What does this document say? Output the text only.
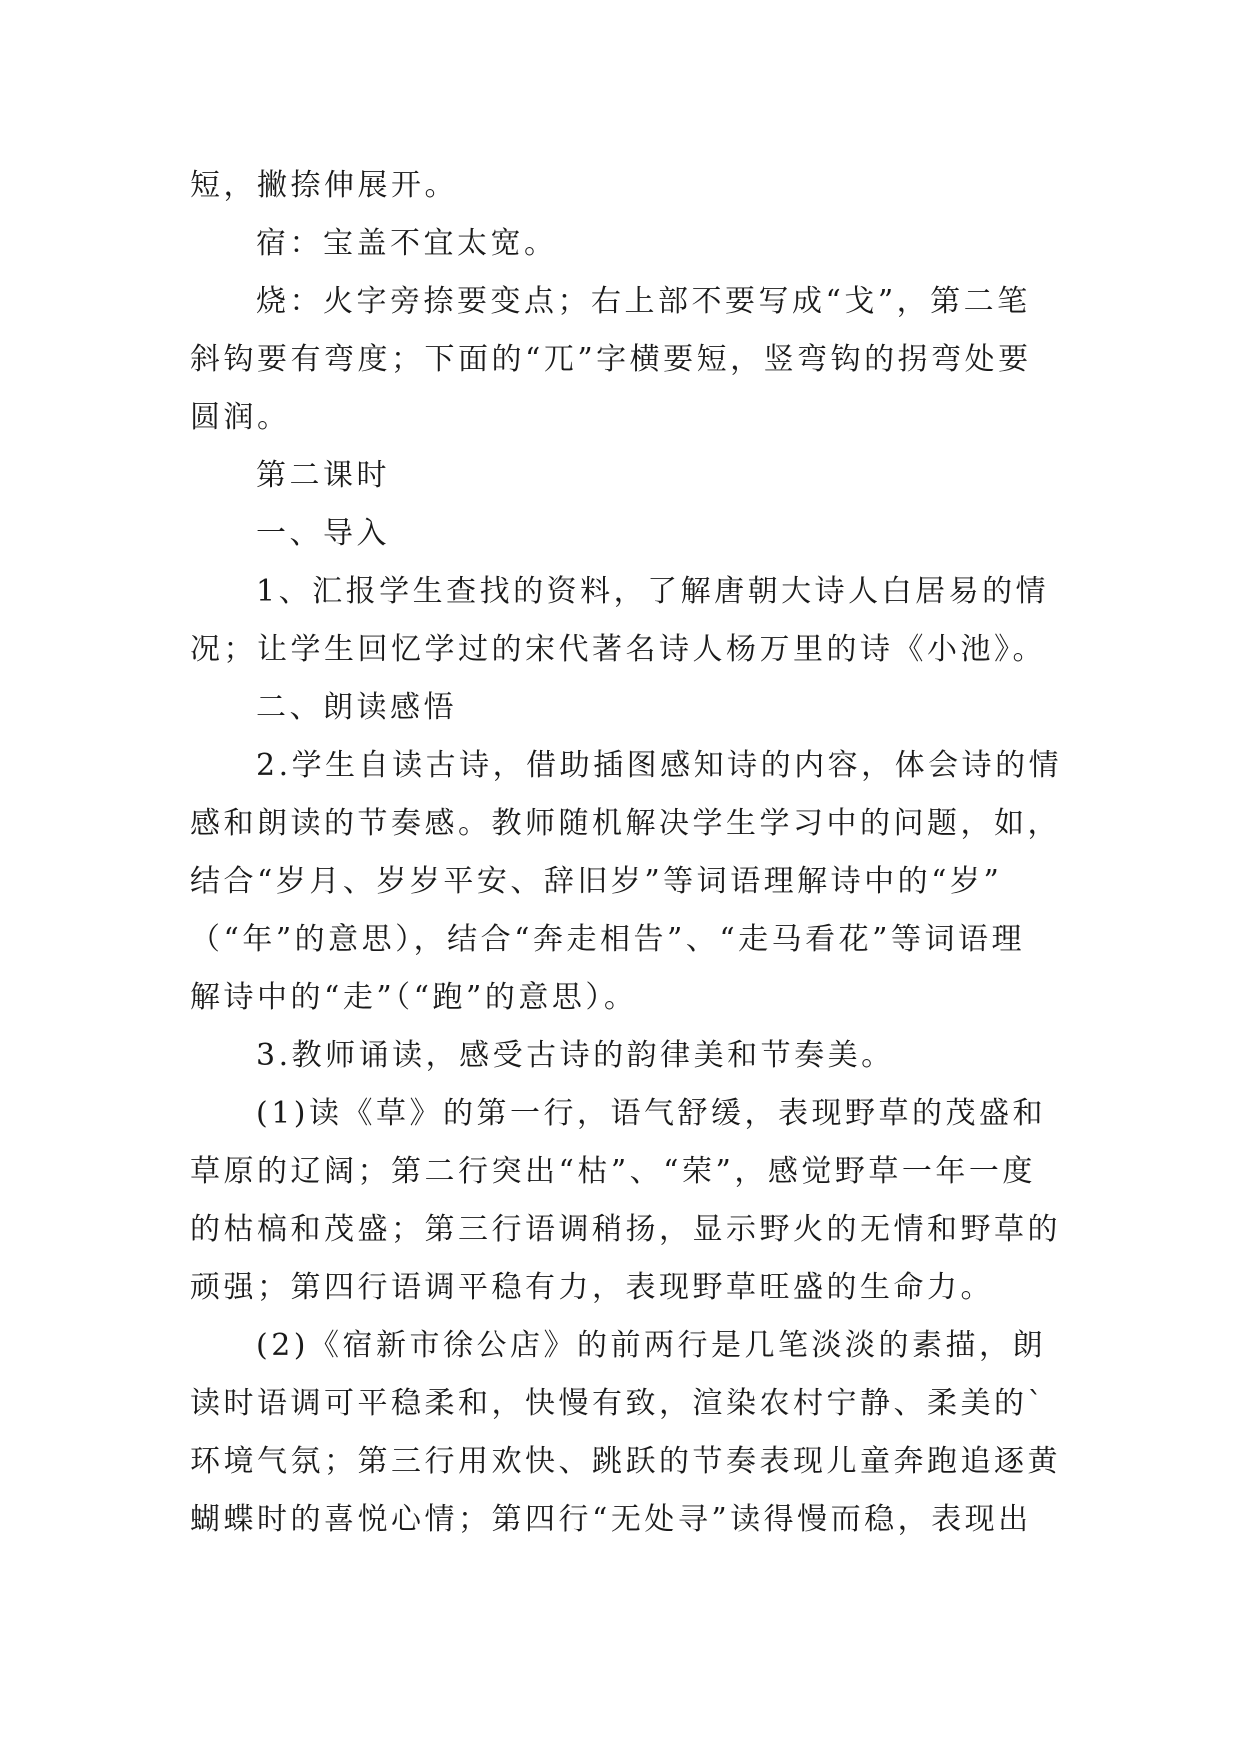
短，撇捺伸展开。
宿：宝盖不宜太宽。
烧：火字旁捺要变点；右上部不要写成“戈”，第二笔
斜钩要有弯度；下面的“兀”字横要短，竖弯钩的拐弯处要
圆润。
第二课时
一、导入
1、汇报学生查找的资料，了解唐朝大诗人白居易的情
况；让学生回忆学过的宋代著名诗人杨万里的诗《小池》。
二、朗读感悟
2.学生自读古诗，借助插图感知诗的内容，体会诗的情
感和朗读的节奏感。教师随机解决学生学习中的问题，如，
结合“岁月、岁岁平安、辞旧岁”等词语理解诗中的“岁”
（“年”的意思），结合“奔走相告”、“走马看花”等词语理
解诗中的“走”（“跑”的意思）。
3.教师诵读，感受古诗的韵律美和节奏美。
(1)读《草》的第一行，语气舒缓，表现野草的茂盛和
草原的辽阔；第二行突出“枯”、“荣”，感觉野草一年一度
的枯槁和茂盛；第三行语调稍扬，显示野火的无情和野草的
顽强；第四行语调平稳有力，表现野草旺盛的生命力。
(2)《宿新市徐公店》的前两行是几笔淡淡的素描，朗
读时语调可平稳柔和，快慢有致，渲染农村宁静、柔美的`
环境气氛；第三行用欢快、跳跃的节奏表现儿童奔跑追逐黄
蝴蝶时的喜悦心情；第四行“无处寻”读得慢而稳，表现出
